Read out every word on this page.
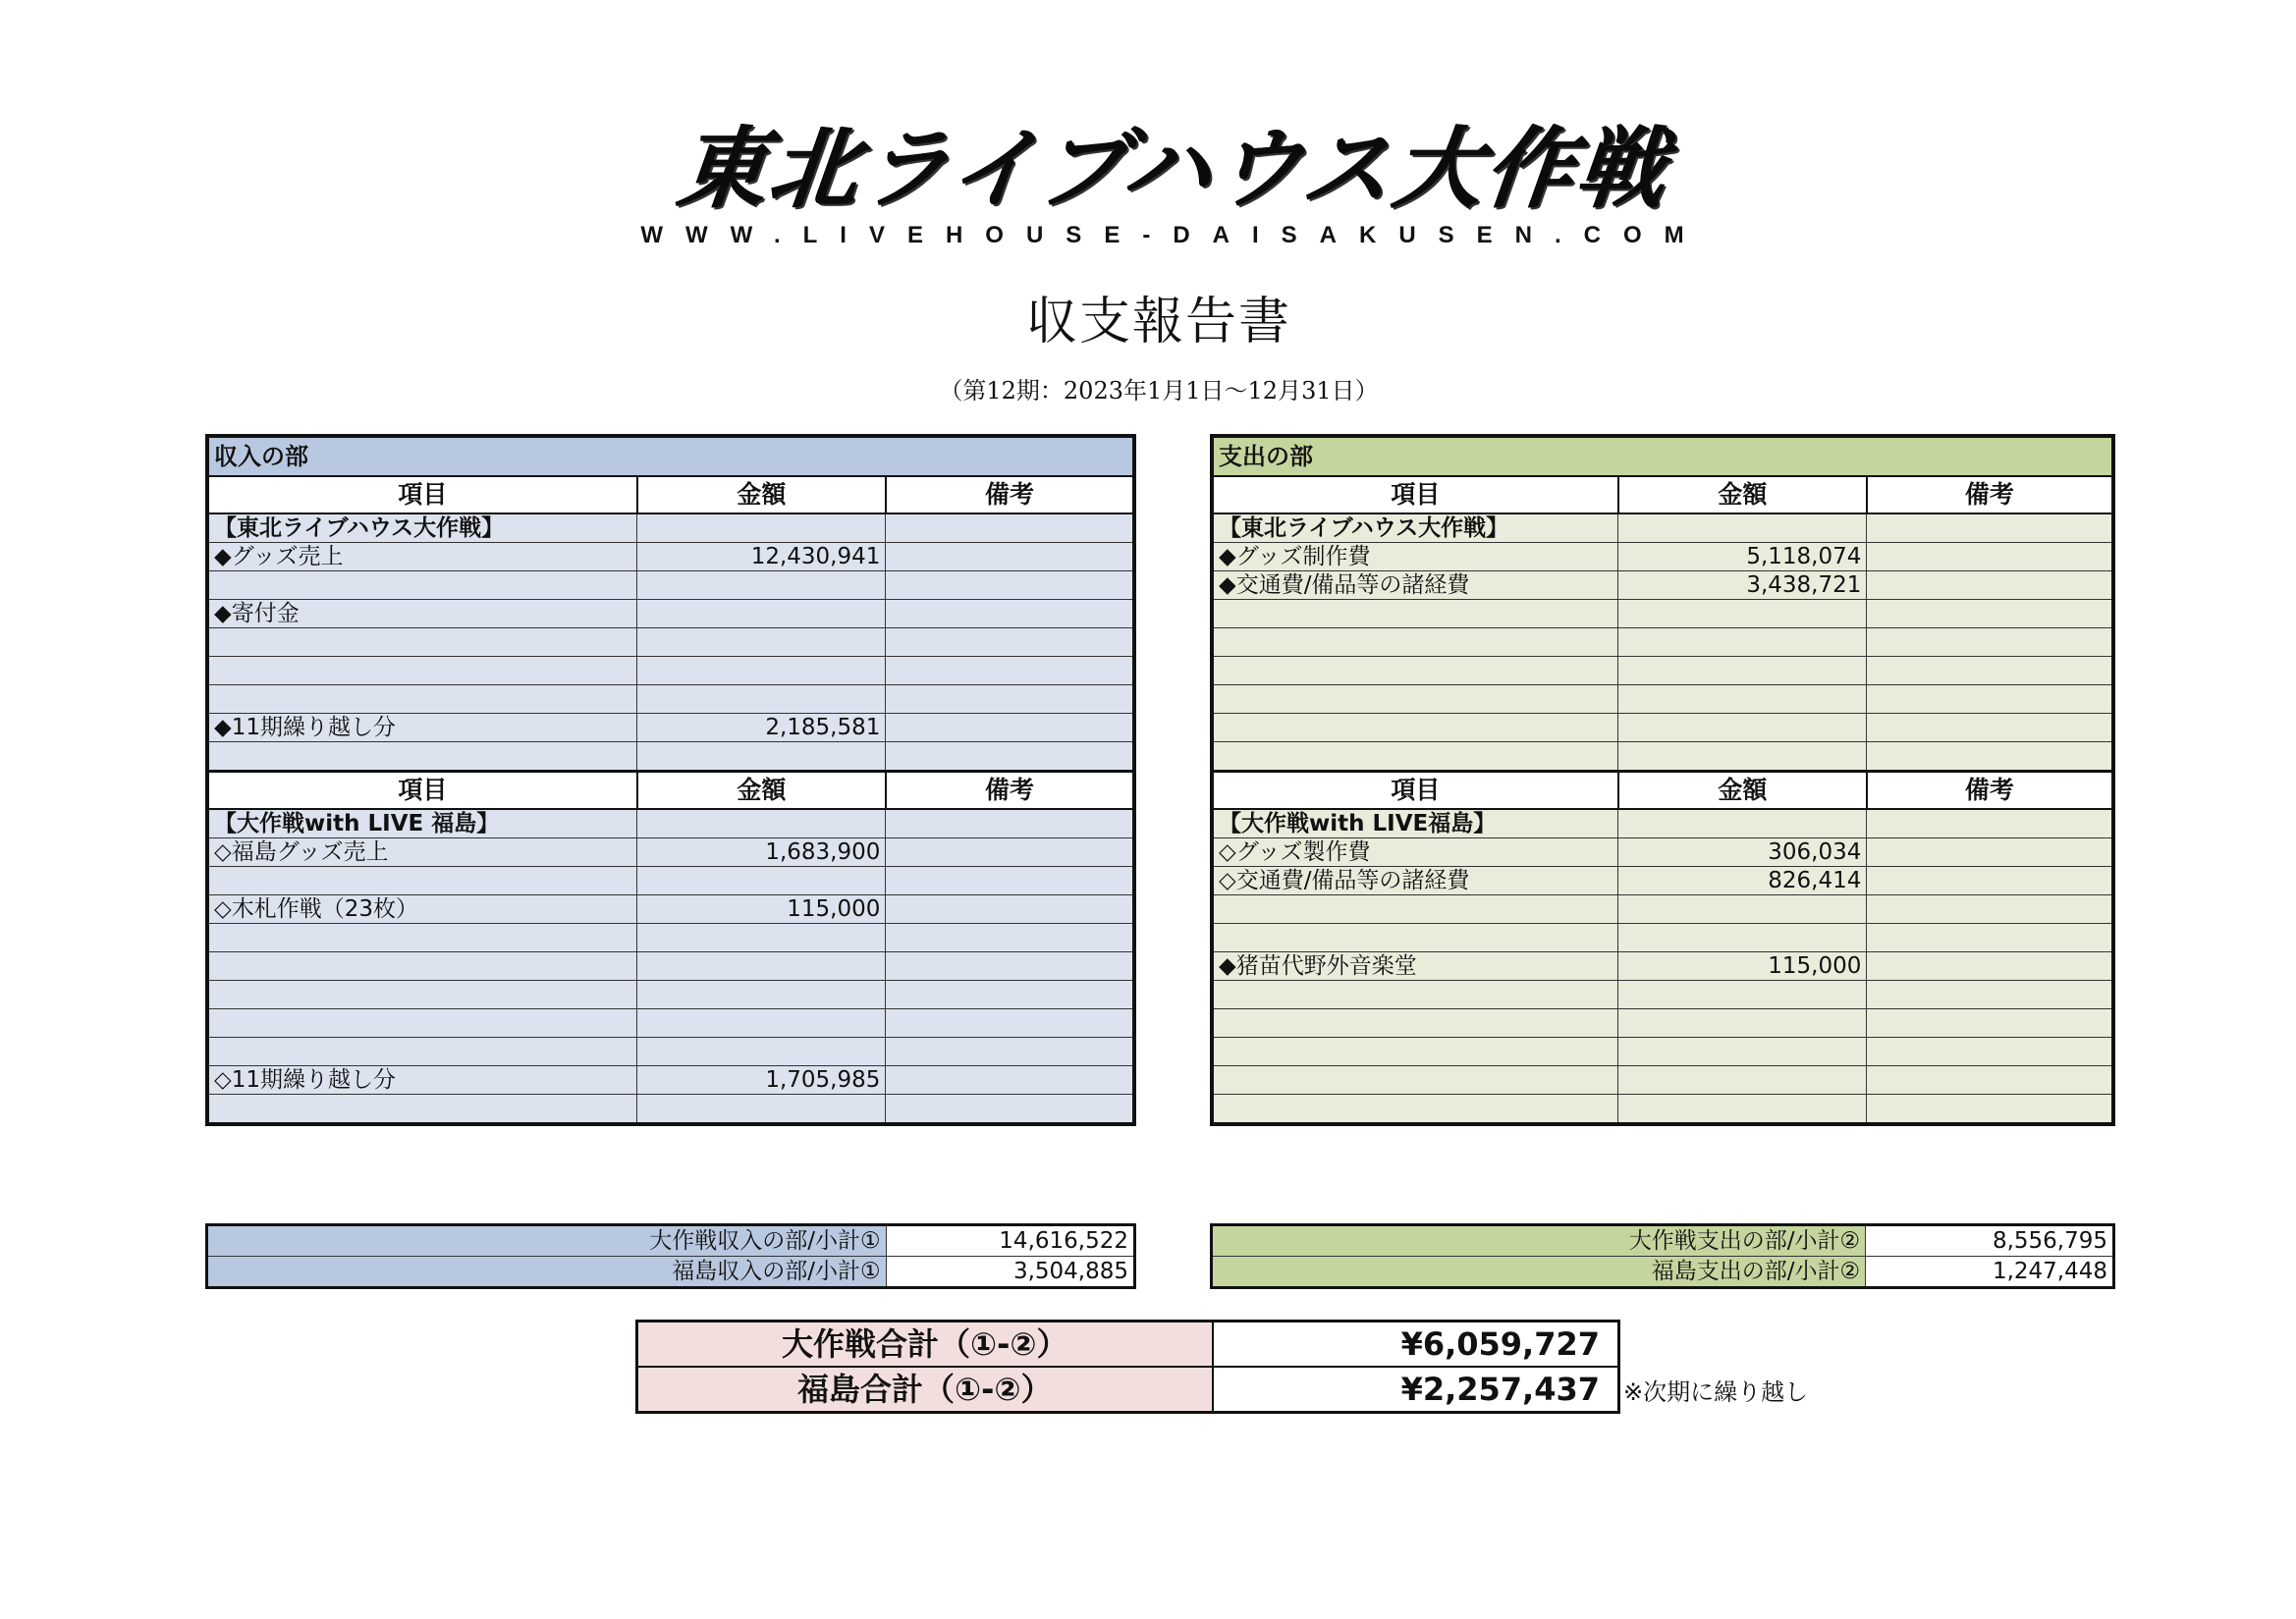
東北ライブハウス大作戦
WWW.LIVEHOUSE-DAISAKUSEN.COM
収支報告書
（第12期：2023年1月1日～12月31日）
収入の部		
項目	金額	備考
【東北ライブハウス大作戦】		
◆グッズ売上	12,430,941	

◆寄付金		

◆11期繰り越し分	2,185,581	

項目	金額	備考
【大作戦with LIVE 福島】		
◇福島グッズ売上	1,683,900	

◇木札作戦（23枚）	115,000	

◇11期繰り越し分	1,705,985	

支出の部		
項目	金額	備考
【東北ライブハウス大作戦】		
◆グッズ制作費	5,118,074	
◆交通費/備品等の諸経費	3,438,721	

項目	金額	備考
【大作戦with LIVE福島】		
◇グッズ製作費	306,034	
◇交通費/備品等の諸経費	826,414	

◆猪苗代野外音楽堂	115,000	

大作戦収入の部/小計①	14,616,522
福島収入の部/小計①	3,504,885
大作戦支出の部/小計②	8,556,795
福島支出の部/小計②	1,247,448
大作戦合計（①-②）	¥6,059,727
福島合計（①-②）	¥2,257,437 ※次期に繰り越し
